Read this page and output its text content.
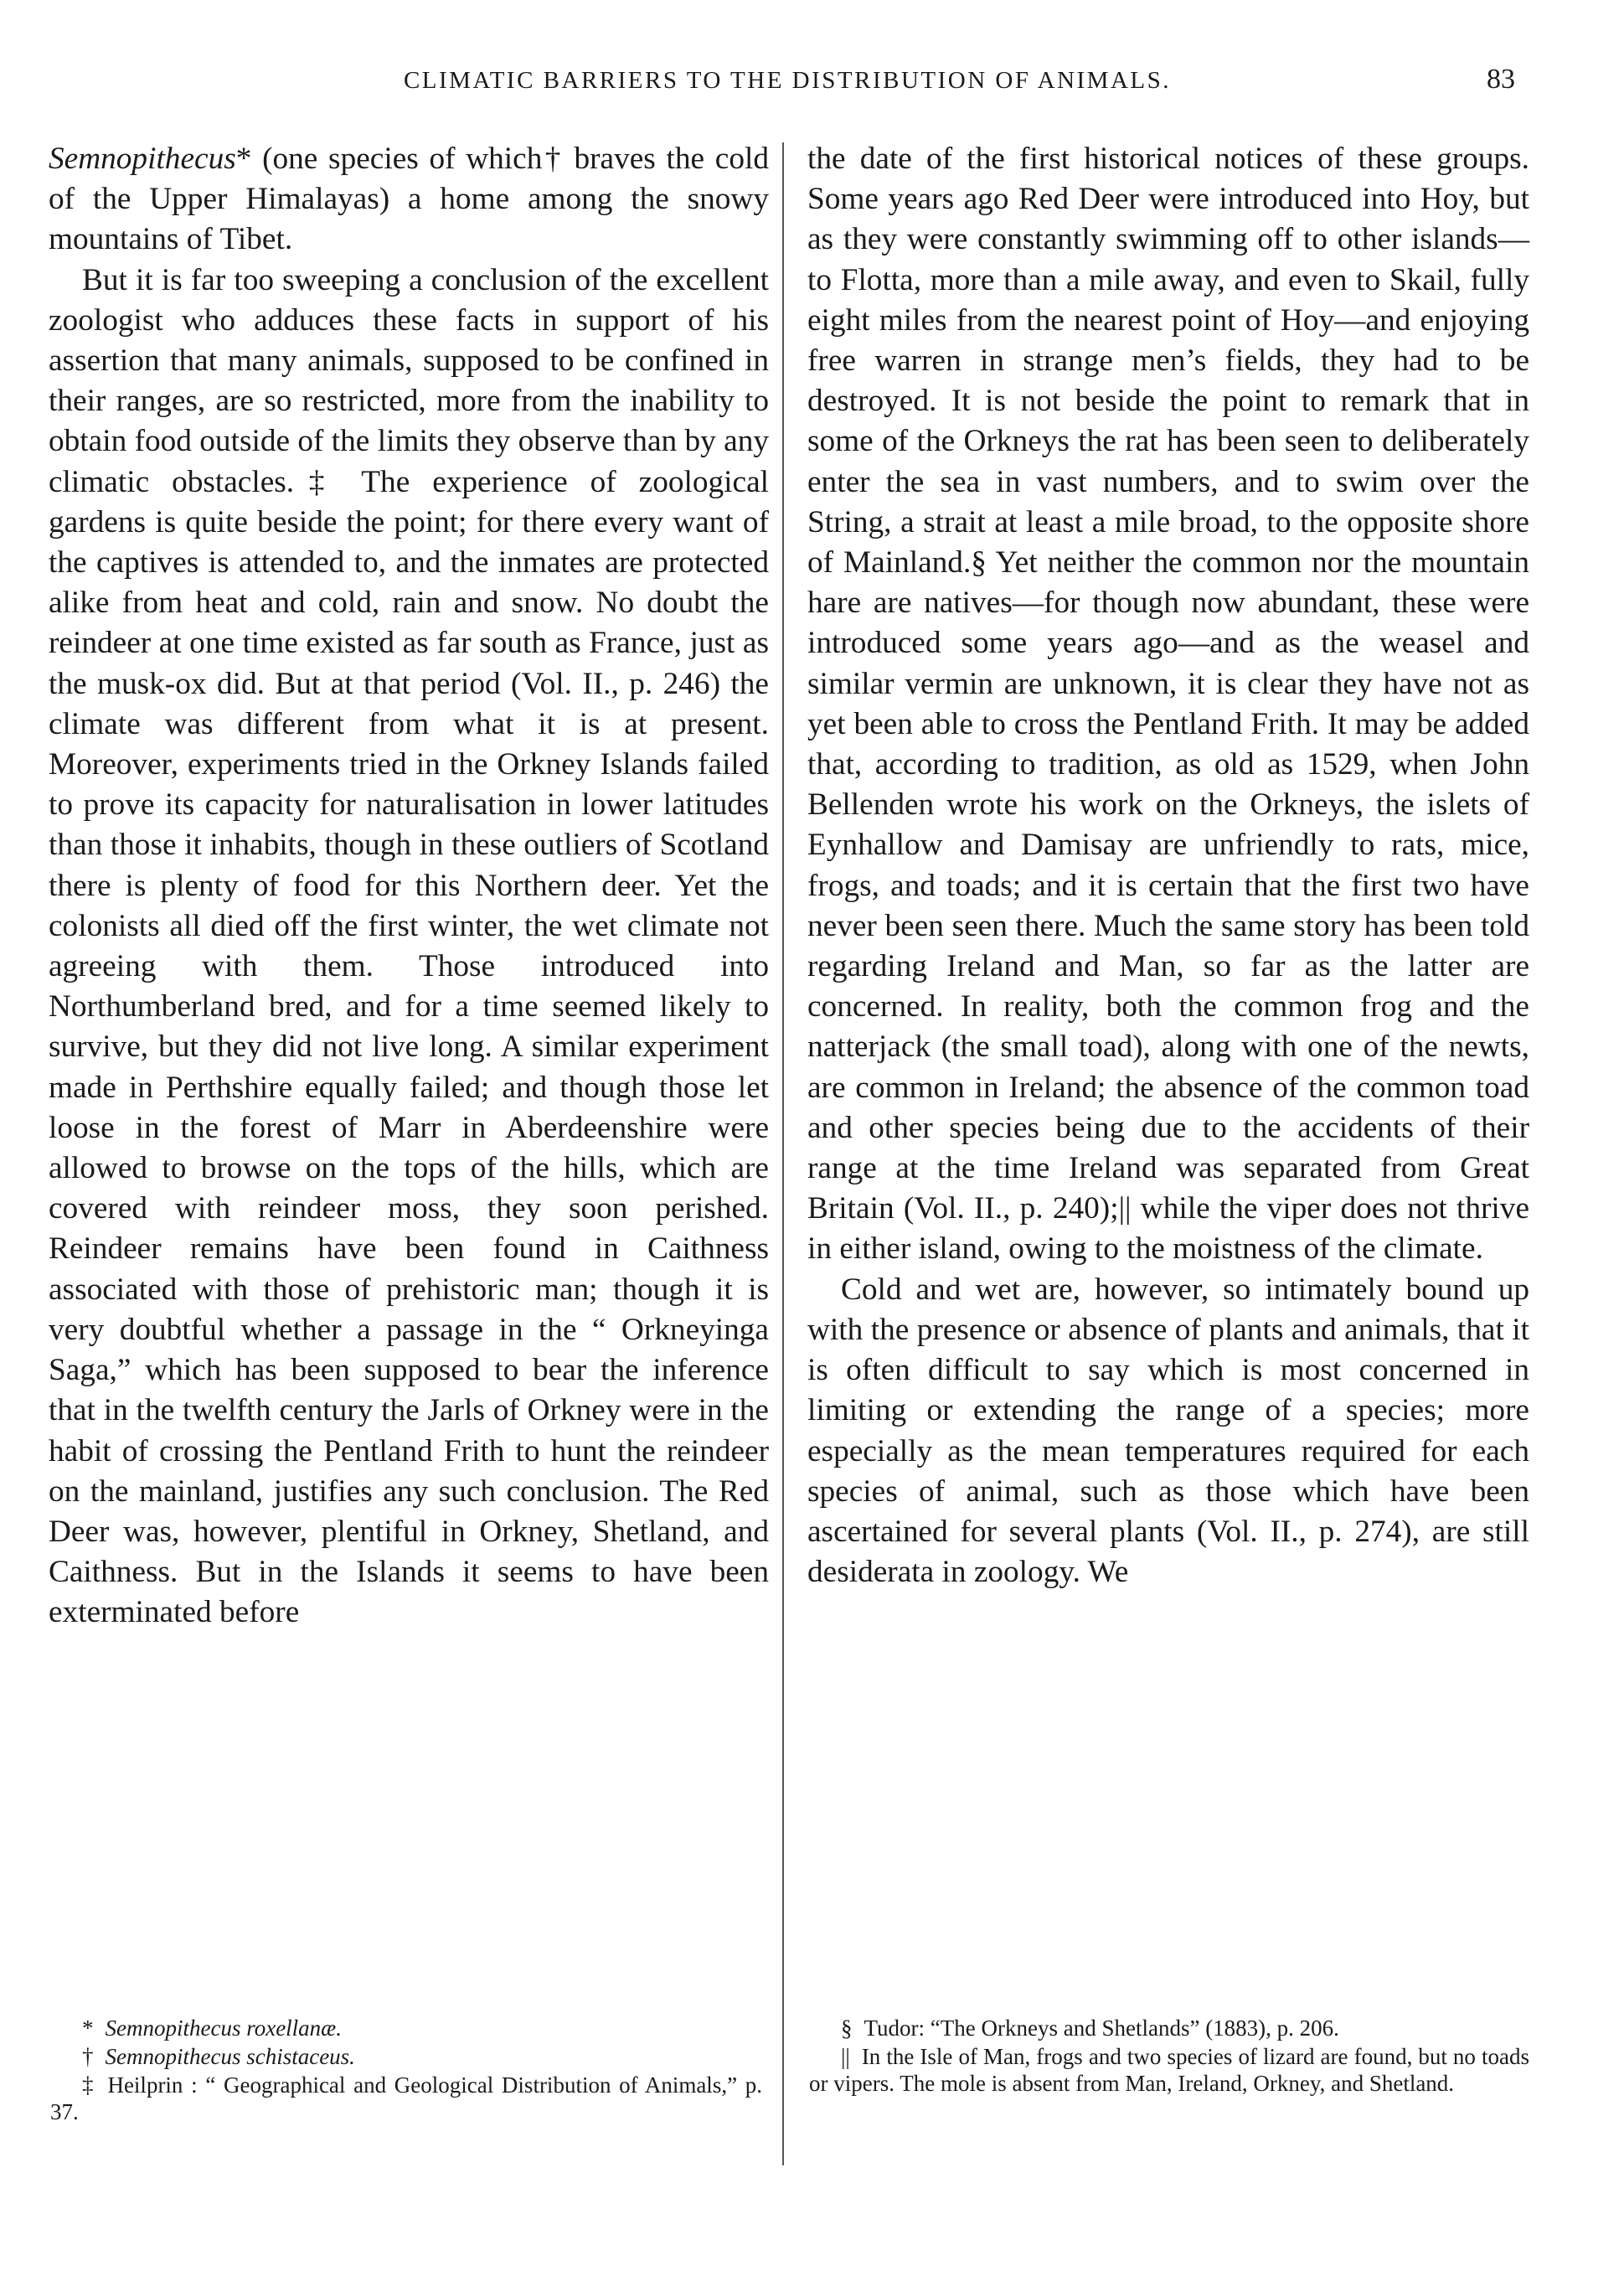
CLIMATIC BARRIERS TO THE DISTRIBUTION OF ANIMALS.	83

Semnopithecus* (one species of which† braves the cold of the Upper Himalayas) a home among the snowy mountains of Tibet.

But it is far too sweeping a conclusion of the excellent zoologist who adduces these facts in support of his assertion that many animals, supposed to be confined in their ranges, are so restricted, more from the inability to obtain food outside of the limits they observe than by any climatic obstacles.‡ The experience of zoological gardens is quite beside the point; for there every want of the captives is attended to, and the inmates are protected alike from heat and cold, rain and snow. No doubt the reindeer at one time existed as far south as France, just as the musk-ox did. But at that period (Vol. II., p. 246) the climate was different from what it is at present. Moreover, experiments tried in the Orkney Islands failed to prove its capacity for naturalisation in lower latitudes than those it inhabits, though in these outliers of Scotland there is plenty of food for this Northern deer. Yet the colonists all died off the first winter, the wet climate not agreeing with them. Those introduced into Northumberland bred, and for a time seemed likely to survive, but they did not live long. A similar experiment made in Perthshire equally failed; and though those let loose in the forest of Marr in Aberdeenshire were allowed to browse on the tops of the hills, which are covered with reindeer moss, they soon perished. Reindeer remains have been found in Caithness associated with those of prehistoric man; though it is very doubtful whether a passage in the “ Orkneyinga Saga,” which has been supposed to bear the inference that in the twelfth century the Jarls of Orkney were in the habit of crossing the Pentland Frith to hunt the reindeer on the mainland, justifies any such conclusion. The Red Deer was, however, plentiful in Orkney, Shetland, and Caithness. But in the Islands it seems to have been exterminated before

the date of the first historical notices of these groups. Some years ago Red Deer were introduced into Hoy, but as they were constantly swimming off to other islands—to Flotta, more than a mile away, and even to Skail, fully eight miles from the nearest point of Hoy—and enjoying free warren in strange men’s fields, they had to be destroyed. It is not beside the point to remark that in some of the Orkneys the rat has been seen to deliberately enter the sea in vast numbers, and to swim over the String, a strait at least a mile broad, to the opposite shore of Mainland.§ Yet neither the common nor the mountain hare are natives—for though now abundant, these were introduced some years ago—and as the weasel and similar vermin are unknown, it is clear they have not as yet been able to cross the Pentland Frith. It may be added that, according to tradition, as old as 1529, when John Bellenden wrote his work on the Orkneys, the islets of Eynhallow and Damisay are unfriendly to rats, mice, frogs, and toads; and it is certain that the first two have never been seen there. Much the same story has been told regarding Ireland and Man, so far as the latter are concerned. In reality, both the common frog and the natterjack (the small toad), along with one of the newts, are common in Ireland; the absence of the common toad and other species being due to the accidents of their range at the time Ireland was separated from Great Britain (Vol. II., p. 240);|| while the viper does not thrive in either island, owing to the moistness of the climate.

Cold and wet are, however, so intimately bound up with the presence or absence of plants and animals, that it is often difficult to say which is most concerned in limiting or extending the range of a species; more especially as the mean temperatures required for each species of animal, such as those which have been ascertained for several plants (Vol. II., p. 274), are still desiderata in zoology. We

* Semnopithecus roxellanæ.

† Semnopithecus schistaceus.

‡ Heilprin : “ Geographical and Geological Distribution of Animals,” p. 37.

§ Tudor: “The Orkneys and Shetlands” (1883), p. 206.

|| In the Isle of Man, frogs and two species of lizard are found, but no toads or vipers. The mole is absent from Man, Ireland, Orkney, and Shetland.
